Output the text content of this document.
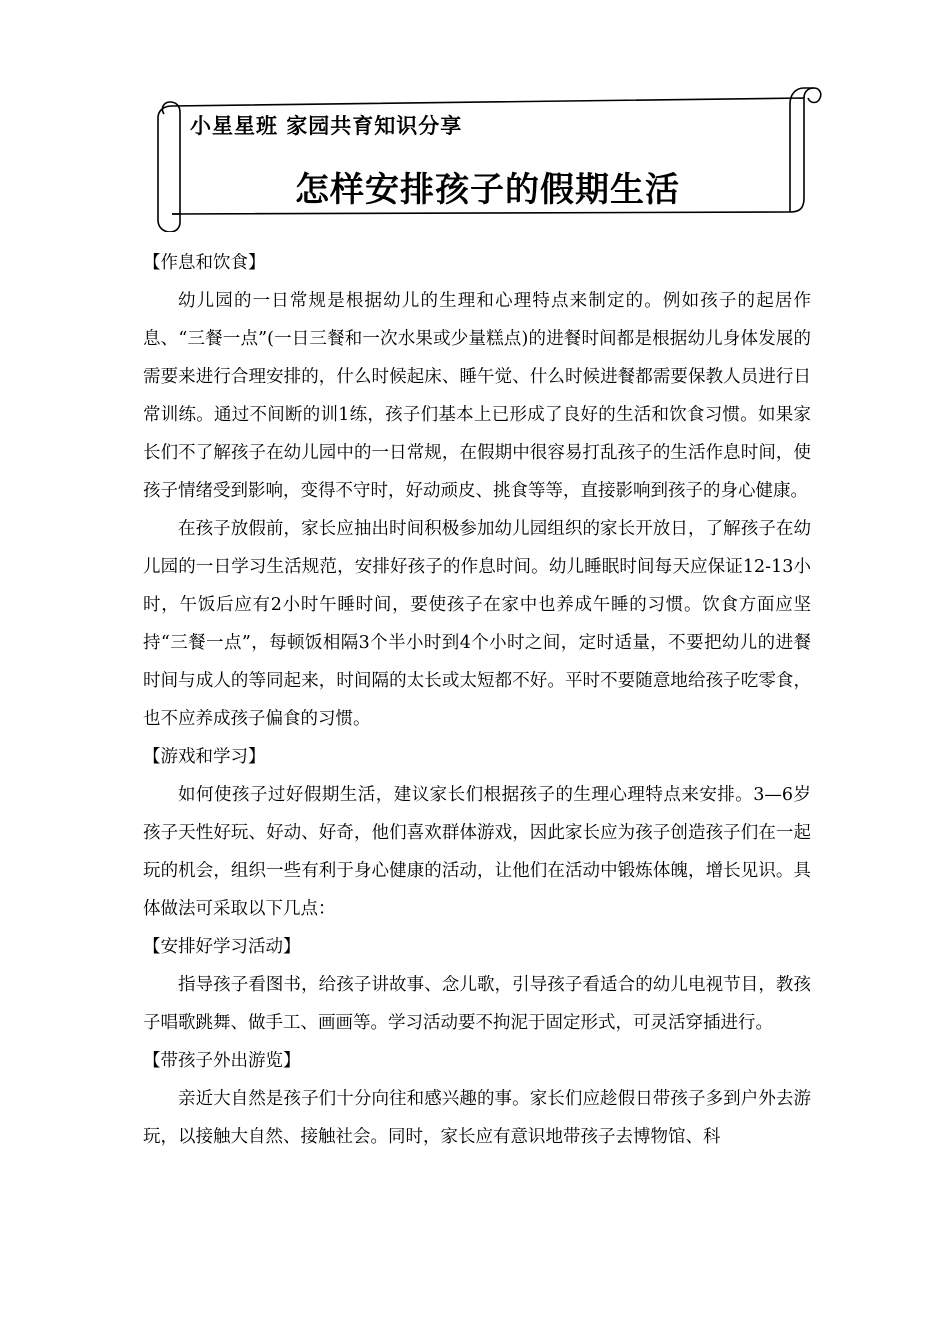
小星星班 家园共育知识分享
怎样安排孩子的假期生活

【作息和饮食】

幼儿园的一日常规是根据幼儿的生理和心理特点来制定的。例如孩子的起居作息、“三餐一点”(一日三餐和一次水果或少量糕点)的进餐时间都是根据幼儿身体发展的需要来进行合理安排的，什么时候起床、睡午觉、什么时候进餐都需要保教人员进行日常训练。通过不间断的训1练，孩子们基本上已形成了良好的生活和饮食习惯。如果家长们不了解孩子在幼儿园中的一日常规，在假期中很容易打乱孩子的生活作息时间，使孩子情绪受到影响，变得不守时，好动顽皮、挑食等等，直接影响到孩子的身心健康。

在孩子放假前，家长应抽出时间积极参加幼儿园组织的家长开放日，了解孩子在幼儿园的一日学习生活规范，安排好孩子的作息时间。幼儿睡眠时间每天应保证12-13小时，午饭后应有2小时午睡时间，要使孩子在家中也养成午睡的习惯。饮食方面应坚持“三餐一点”，每顿饭相隔3个半小时到4个小时之间，定时适量，不要把幼儿的进餐时间与成人的等同起来，时间隔的太长或太短都不好。平时不要随意地给孩子吃零食，也不应养成孩子偏食的习惯。

【游戏和学习】

如何使孩子过好假期生活，建议家长们根据孩子的生理心理特点来安排。3—6岁孩子天性好玩、好动、好奇，他们喜欢群体游戏，因此家长应为孩子创造孩子们在一起玩的机会，组织一些有利于身心健康的活动，让他们在活动中锻炼体魄，增长见识。具体做法可采取以下几点：

【安排好学习活动】

指导孩子看图书，给孩子讲故事、念儿歌，引导孩子看适合的幼儿电视节目，教孩子唱歌跳舞、做手工、画画等。学习活动要不拘泥于固定形式，可灵活穿插进行。

【带孩子外出游览】

亲近大自然是孩子们十分向往和感兴趣的事。家长们应趁假日带孩子多到户外去游玩，以接触大自然、接触社会。同时，家长应有意识地带孩子去博物馆、科
